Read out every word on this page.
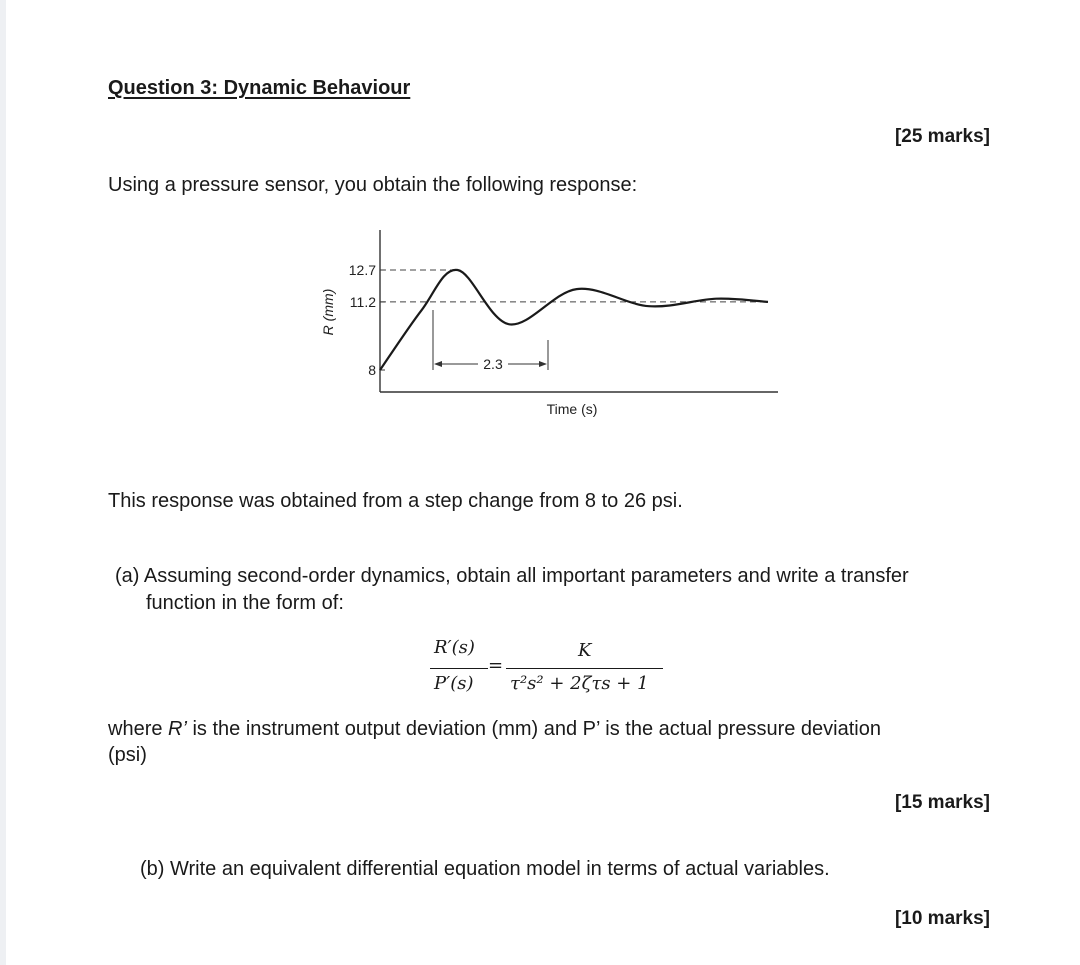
Question 3: Dynamic Behaviour
[25 marks]
Using a pressure sensor, you obtain the following response:
12.7
11.2
8	2.3
R (mm)
Time (s)
This response was obtained from a step change from 8 to 26 psi.
(a) Assuming second-order dynamics, obtain all important parameters and write a transfer
function in the form of:
R′(s)
P′(s)
=
K
τ²s² + 2ζτs + 1
where R’ is the instrument output deviation (mm) and P’ is the actual pressure deviation
(psi)
[15 marks]
(b) Write an equivalent differential equation model in terms of actual variables.
[10 marks]
